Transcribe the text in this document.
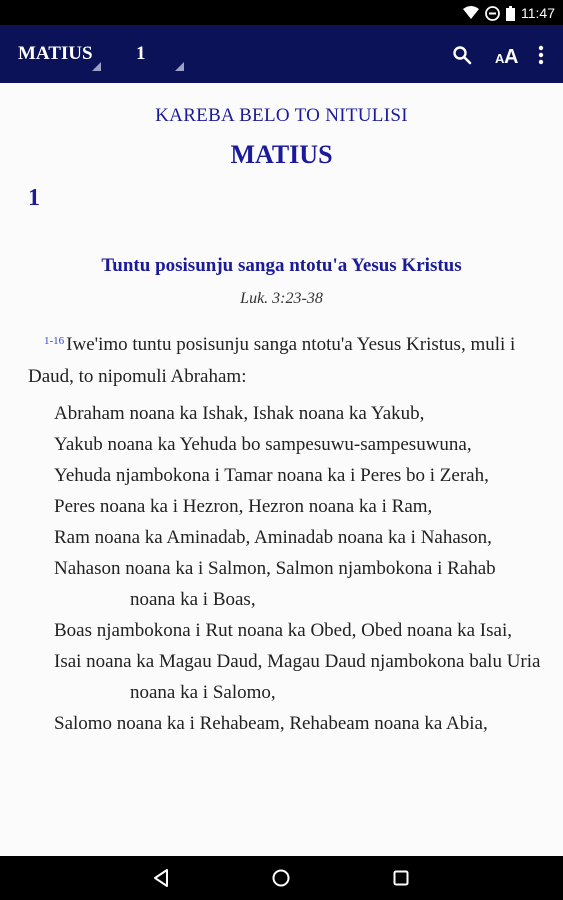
11:47
MATIUS 1	A A
KAREBA BELO TO NITULISI
MATIUS
1
Tuntu posisunju sanga ntotu'a Yesus Kristus
Luk. 3:23-38
$^{1-16}$ Iwe'imo tuntu posisunju sanga ntotu'a Yesus Kristus, muli i Daud, to nipomuli Abraham:

Abraham noana ka Ishak, Ishak noana ka Yakub,

Yakub noana ka Yehuda bo sampesuwu-sampesuwuna,

Yehuda njambokona i Tamar noana ka i Peres bo i Zerah,

Peres noana ka i Hezron, Hezron noana ka i Ram,

Ram noana ka Aminadab, Aminadab noana ka i Nahason,

Nahason noana ka i Salmon, Salmon njambokona i Rahab noana ka i Boas,

Boas njambokona i Rut noana ka Obed, Obed noana ka Isai,

Isai noana ka Magau Daud, Magau Daud njambokona balu Uria noana ka i Salomo,

Salomo noana ka i Rehabeam, Rehabeam noana ka Abia,
